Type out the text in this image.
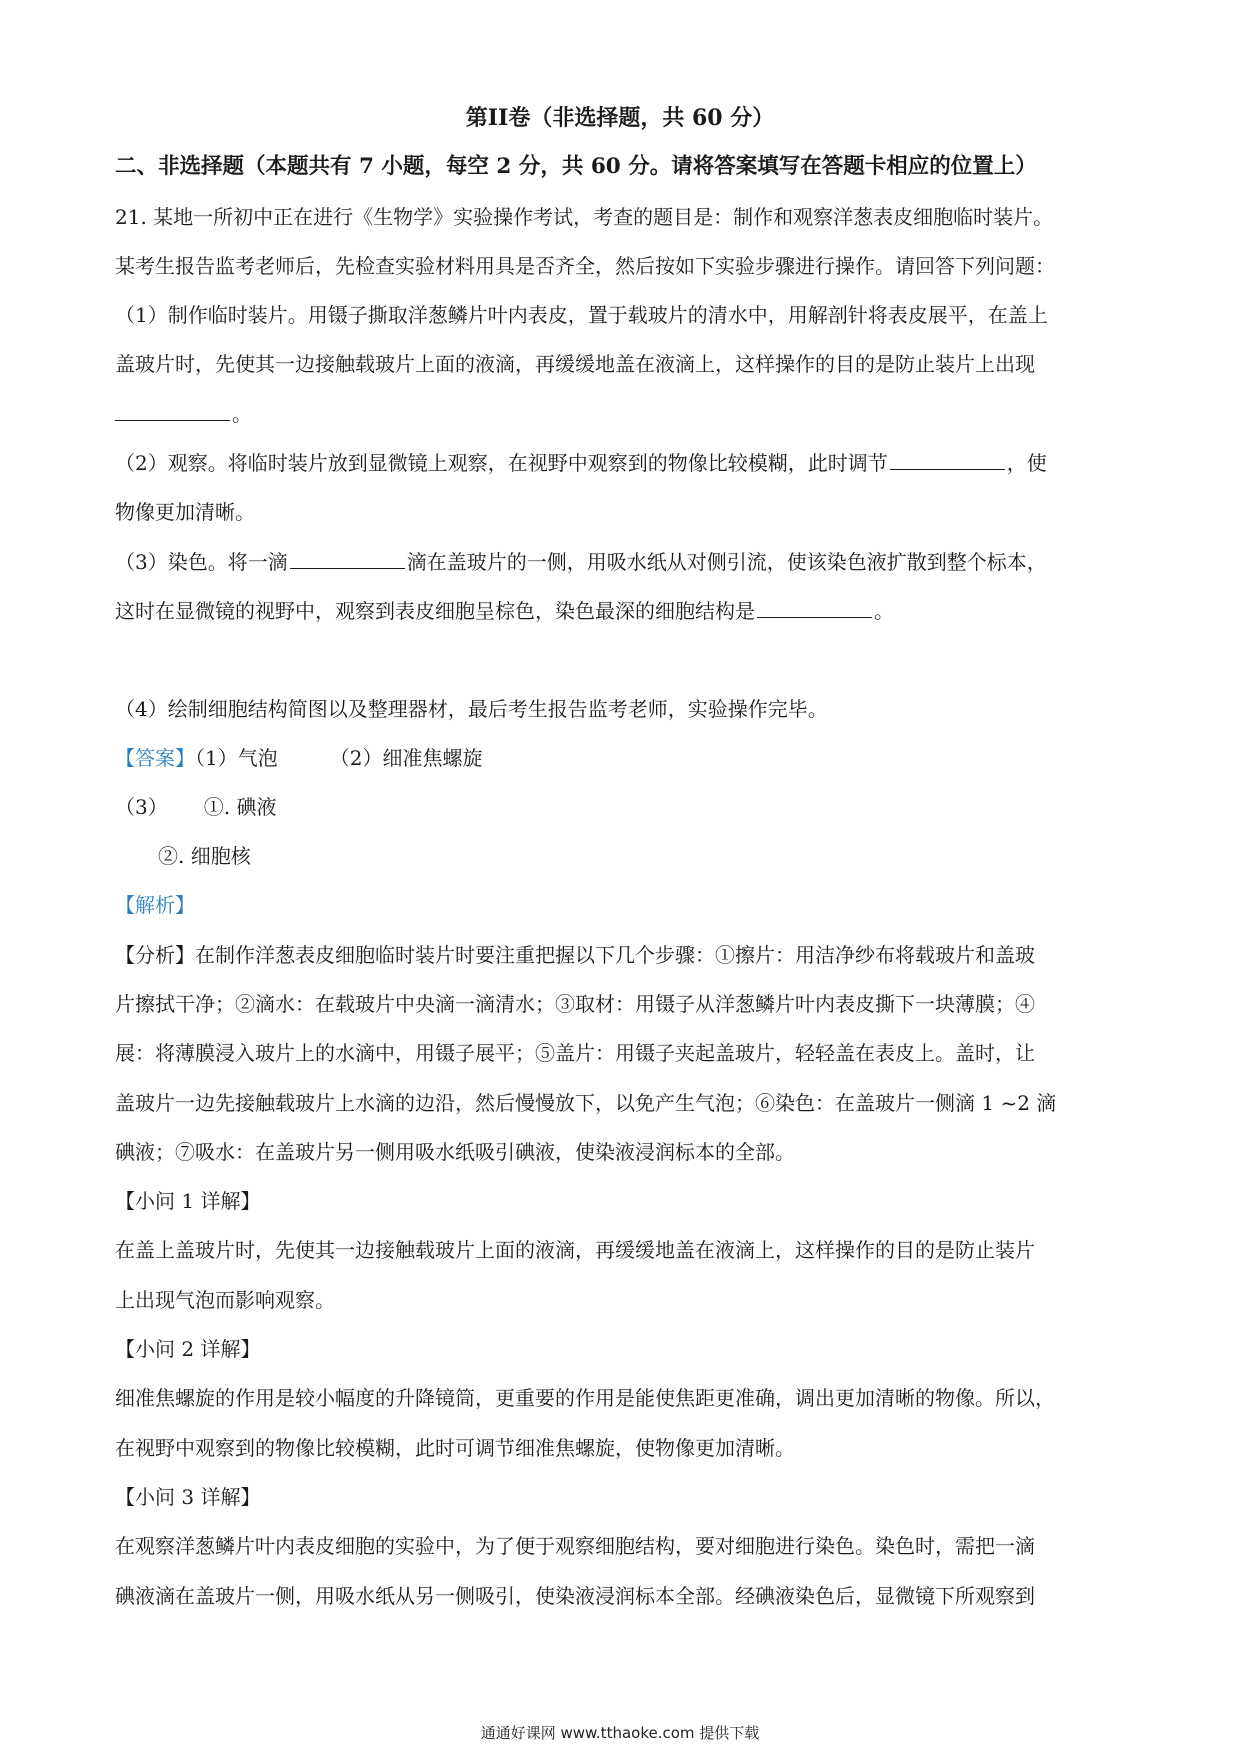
第II卷（非选择题，共 60 分）
二、非选择题（本题共有 7 小题，每空 2 分，共 60 分。请将答案填写在答题卡相应的位置上）
21. 某地一所初中正在进行《生物学》实验操作考试，考查的题目是：制作和观察洋葱表皮细胞临时装片。
某考生报告监考老师后，先检查实验材料用具是否齐全，然后按如下实验步骤进行操作。请回答下列问题：
（1）制作临时装片。用镊子撕取洋葱鳞片叶内表皮，置于载玻片的清水中，用解剖针将表皮展平，在盖上
盖玻片时，先使其一边接触载玻片上面的液滴，再缓缓地盖在液滴上，这样操作的目的是防止装片上出现
。
（2）观察。将临时装片放到显微镜上观察，在视野中观察到的物像比较模糊，此时调节	，使
物像更加清晰。
（3）染色。将一滴	滴在盖玻片的一侧，用吸水纸从对侧引流，使该染色液扩散到整个标本，
这时在显微镜的视野中，观察到表皮细胞呈棕色，染色最深的细胞结构是	。
（4）绘制细胞结构简图以及整理器材，最后考生报告监考老师，实验操作完毕。
【答案】（1）气泡	（2）细准焦螺旋
（3） ①. 碘液
②. 细胞核
【解析】
【分析】在制作洋葱表皮细胞临时装片时要注重把握以下几个步骤：①擦片：用洁净纱布将载玻片和盖玻
片擦拭干净；②滴水：在载玻片中央滴一滴清水；③取材：用镊子从洋葱鳞片叶内表皮撕下一块薄膜；④
展：将薄膜浸入玻片上的水滴中，用镊子展平；⑤盖片：用镊子夹起盖玻片，轻轻盖在表皮上。盖时，让
盖玻片一边先接触载玻片上水滴的边沿，然后慢慢放下，以免产生气泡；⑥染色：在盖玻片一侧滴 1 ~2 滴
碘液；⑦吸水：在盖玻片另一侧用吸水纸吸引碘液，使染液浸润标本的全部。
【小问 1 详解】
在盖上盖玻片时，先使其一边接触载玻片上面的液滴，再缓缓地盖在液滴上，这样操作的目的是防止装片
上出现气泡而影响观察。
【小问 2 详解】
细准焦螺旋的作用是较小幅度的升降镜筒，更重要的作用是能使焦距更准确，调出更加清晰的物像。所以，
在视野中观察到的物像比较模糊，此时可调节细准焦螺旋，使物像更加清晰。
【小问 3 详解】
在观察洋葱鳞片叶内表皮细胞的实验中，为了便于观察细胞结构，要对细胞进行染色。染色时，需把一滴
碘液滴在盖玻片一侧，用吸水纸从另一侧吸引，使染液浸润标本全部。经碘液染色后，显微镜下所观察到
通通好课网 www.tthaoke.com 提供下载
